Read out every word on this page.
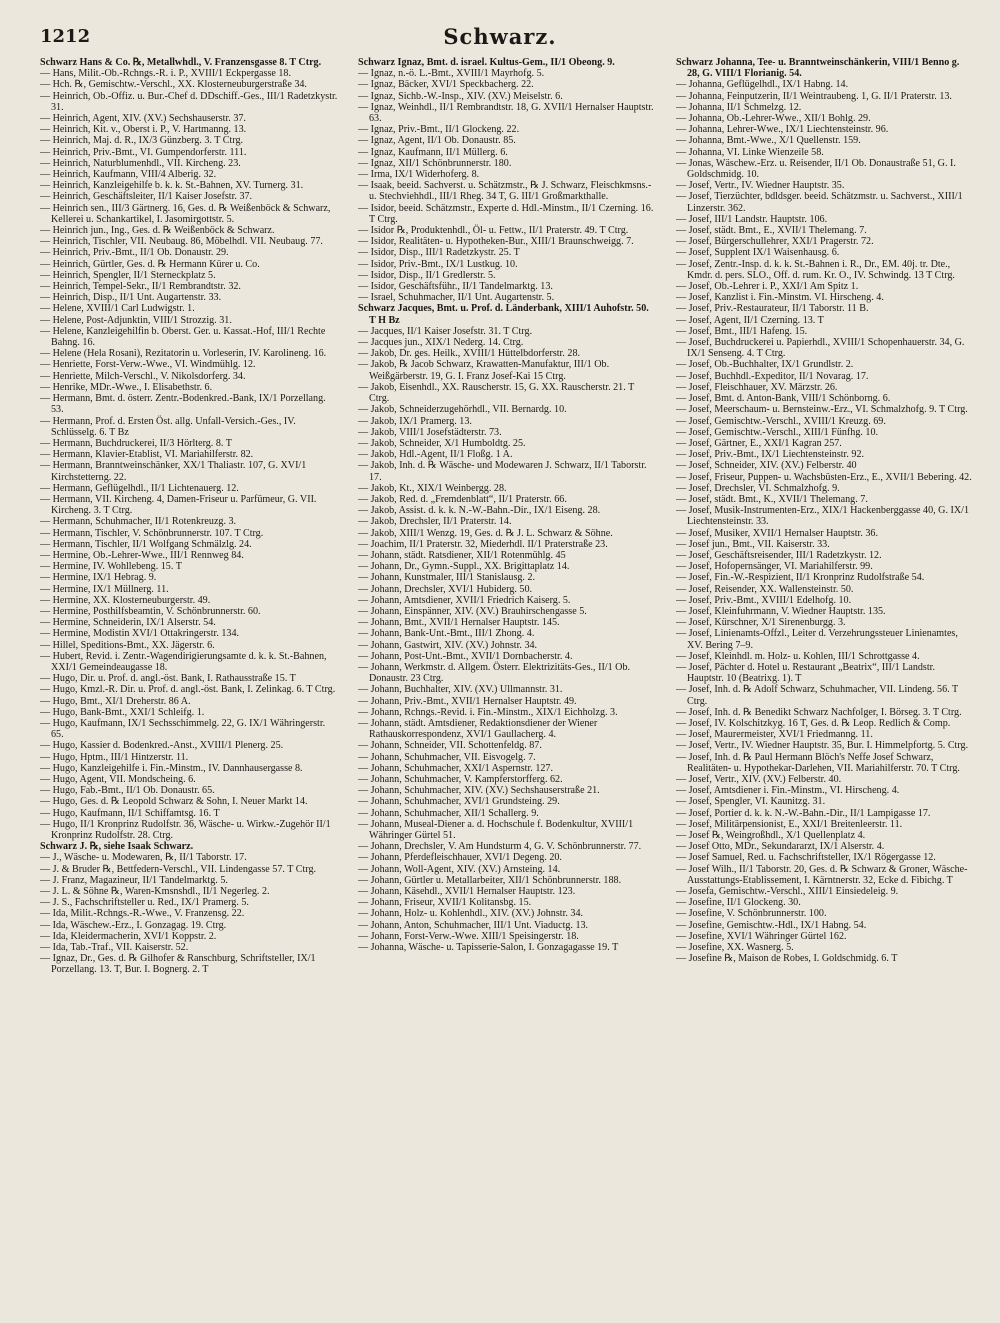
1212	Schwarz.
Schwarz Hans & Co. ℞, Metallwhdl., V. Franzensgasse 8. T Ctrg.
— Hans, Milit.-Ob.-Rchngs.-R. i. P., XVIII/1 Eckpergasse 18.
— Hch. ℞, Gemischtw.-Verschl., XX. Klosterneuburgerstraße 34.
— Heinrich, Ob.-Offiz. u. Bur.-Chef d. DDschiff.-Ges., III/1 Radetzkystr. 31.
— Heinrich, Agent, XIV. (XV.) Sechshauserstr. 37.
— Heinrich, Kit. v., Oberst i. P., V. Hartmanng. 13.
— Heinrich, Maj. d. R., IX/3 Günzberg. 3. T Ctrg.
— Heinrich, Priv.-Bmt., VI. Gumpendorferstr. 111.
— Heinrich, Naturblumenhdl., VII. Kircheng. 23.
— Heinrich, Kaufmann, VIII/4 Alberig. 32.
— Heinrich, Kanzleigehilfe b. k. k. St.-Bahnen, XV. Turnerg. 31.
— Heinrich, Geschäftsleiter, II/1 Kaiser Josefstr. 37.
— Heinrich sen., III/3 Gärtnerg. 16, Ges. d. ℞ Weißenböck & Schwarz, Kellerei u. Schankartikel, I. Jasomirgottstr. 5.
— Heinrich jun., Ing., Ges. d. ℞ Weißenböck & Schwarz.
— Heinrich, Tischler, VII. Neubaug. 86, Möbelhdl. VII. Neubaug. 77.
— Heinrich, Priv.-Bmt., II/1 Ob. Donaustr. 29.
— Heinrich, Gürtler, Ges. d. ℞ Hermann Kürer u. Co.
— Heinrich, Spengler, II/1 Sterneckplatz 5.
— Heinrich, Tempel-Sekr., II/1 Rembrandtstr. 32.
— Heinrich, Disp., II/1 Unt. Augartenstr. 33.
— Helene, XVIII/1 Carl Ludwigstr. 1.
— Helene, Post-Adjunktin, VIII/1 Strozzig. 31.
— Helene, Kanzleigehilfin b. Oberst. Ger. u. Kassat.-Hof, III/1 Rechte Bahng. 16.
— Helene (Hela Rosani), Rezitatorin u. Vorleserin, IV. Karolineng. 16.
— Henriette, Forst-Verw.-Wwe., VI. Windmühlg. 12.
— Henriette, Milch-Verschl., V. Nikolsdorferg. 34.
— Henrike, MDr.-Wwe., I. Elisabethstr. 6.
— Hermann, Bmt. d. österr. Zentr.-Bodenkred.-Bank, IX/1 Porzellang. 53.
— Hermann, Prof. d. Ersten Öst. allg. Unfall-Versich.-Ges., IV. Schlüsselg. 6. T Bz
— Hermann, Buchdruckerei, II/3 Hörlterg. 8. T
— Hermann, Klavier-Etablist, VI. Mariahilferstr. 82.
— Hermann, Branntweinschänker, XX/1 Thaliastr. 107, G. XVI/1 Kirchstetterng. 22.
— Hermann, Geflügelhdl., II/1 Lichtenauerg. 12.
— Hermann, VII. Kircheng. 4, Damen-Friseur u. Parfümeur, G. VII. Kircheng. 3. T Ctrg.
— Hermann, Schuhmacher, II/1 Rotenkreuzg. 3.
— Hermann, Tischler, V. Schönbrunnerstr. 107. T Ctrg.
— Hermann, Tischler, II/1 Wolfgang Schmälzlg. 24.
— Hermine, Ob.-Lehrer-Wwe., III/1 Rennweg 84.
— Hermine, IV. Wohllebeng. 15. T
— Hermine, IX/1 Hebrag. 9.
— Hermine, IX/1 Müllnerg. 11.
— Hermine, XX. Klosterneuburgerstr. 49.
— Hermine, Posthilfsbeamtin, V. Schönbrunnerstr. 60.
— Hermine, Schneiderin, IX/1 Alserstr. 54.
— Hermine, Modistin XVI/1 Ottakringerstr. 134.
— Hillel, Speditions-Bmt., XX. Jägerstr. 6.
— Hubert, Revid. i. Zentr.-Wagendirigierungsamte d. k. k. St.-Bahnen, XXI/1 Gemeindeaugasse 18.
— Hugo, Dir. u. Prof. d. angl.-öst. Bank, I. Rathausstraße 15. T
— Hugo, Kmzl.-R. Dir. u. Prof. d. angl.-öst. Bank, I. Zelinkag. 6. T Ctrg.
— Hugo, Bmt., XI/1 Dreherstr. 86 A.
— Hugo, Bank-Bmt., XXI/1 Schleifg. 1.
— Hugo, Kaufmann, IX/1 Sechsschimmelg. 22, G. IX/1 Währingerstr. 65.
— Hugo, Kassier d. Bodenkred.-Anst., XVIII/1 Plenerg. 25.
— Hugo, Hptm., III/1 Hintzerstr. 11.
— Hugo, Kanzleigehilfe i. Fin.-Minstm., IV. Dannhausergasse 8.
— Hugo, Agent, VII. Mondscheing. 6.
— Hugo, Fab.-Bmt., II/1 Ob. Donaustr. 65.
— Hugo, Ges. d. ℞ Leopold Schwarz & Sohn, I. Neuer Markt 14.
— Hugo, Kaufmann, II/1 Schiffamtsg. 16. T
— Hugo, II/1 Kronprinz Rudolfstr. 36, Wäsche- u. Wirkw.-Zugehör II/1 Kronprinz Rudolfstr. 28. Ctrg.
Schwarz J. ℞, siehe Isaak Schwarz.
— J., Wäsche- u. Modewaren, ℞, II/1 Taborstr. 17.
— J. & Bruder ℞, Bettfedern-Verschl., VII. Lindengasse 57. T Ctrg.
— J. Franz, Magazineur, II/1 Tandelmarktg. 5.
— J. L. & Söhne ℞, Waren-Kmsnshdl., II/1 Negerleg. 2.
— J. S., Fachschriftsteller u. Red., IX/1 Pramerg. 5.
— Ida, Milit.-Rchngs.-R.-Wwe., V. Franzensg. 22.
— Ida, Wäschew.-Erz., I. Gonzagag. 19. Ctrg.
— Ida, Kleidermacherin, XVI/1 Koppstr. 2.
— Ida, Tab.-Traf., VII. Kaiserstr. 52.
— Ignaz, Dr., Ges. d. ℞ Gilhofer & Ranschburg, Schriftsteller, IX/1 Porzellang. 13. T, Bur. I. Bognerg. 2. T
Schwarz Ignaz, Bmt. d. israel. Kultus-Gem., II/1 Obeong. 9.
— Ignaz, n.-ö. L.-Bmt., XVIII/1 Mayrhofg. 5.
— Ignaz, Bäcker, XVI/1 Speckbacherg. 22.
— Ignaz, Sichb.-W.-Insp., XIV. (XV.) Meiselstr. 6.
— Ignaz, Weinhdl., II/1 Rembrandtstr. 18, G. XVII/1 Hernalser Hauptstr. 63.
— Ignaz, Priv.-Bmt., II/1 Glockeng. 22.
— Ignaz, Agent, II/1 Ob. Donaustr. 85.
— Ignaz, Kaufmann, II/1 Müllerg. 6.
— Ignaz, XII/1 Schönbrunnerstr. 180.
— Irma, IX/1 Widerhoferg. 8.
— Isaak, beeid. Sachverst. u. Schätzmstr., ℞ J. Schwarz, Fleischkmsns.- u. Stechviehhdl., III/1 Rheg. 34 T, G. III/1 Großmarkthalle.
— Isidor, beeid. Schätzmstr., Experte d. Hdl.-Minstm., II/1 Czerning. 16. T Ctrg.
— Isidor ℞, Produktenhdl., Öl- u. Fettw., II/1 Praterstr. 49. T Ctrg.
— Isidor, Realitäten- u. Hypotheken-Bur., XIII/1 Braunschweigg. 7.
— Isidor, Disp., III/1 Radetzkystr. 25. T
— Isidor, Priv.-Bmt., IX/1 Lustkug. 10.
— Isidor, Disp., II/1 Gredlerstr. 5.
— Isidor, Geschäftsführ., II/1 Tandelmarktg. 13.
— Israel, Schuhmacher, II/1 Unt. Augartenstr. 5.
Schwarz Jacques, Bmt. u. Prof. d. Länderbank, XIII/1 Auhofstr. 50. T H Bz
— Jacques, II/1 Kaiser Josefstr. 31. T Ctrg.
— Jacques jun., XIX/1 Nederg. 14. Ctrg.
— Jakob, Dr. ges. Heilk., XVIII/1 Hüttelbdorferstr. 28.
— Jakob, ℞ Jacob Schwarz, Krawatten-Manufaktur, III/1 Ob. Weißgärberstr. 19, G. I. Franz Josef-Kai 15 Ctrg.
— Jakob, Eisenhdl., XX. Rauscherstr. 15, G. XX. Rauscherstr. 21. T Ctrg.
— Jakob, Schneiderzugehörhdl., VII. Bernardg. 10.
— Jakob, IX/1 Pramerg. 13.
— Jakob, VIII/1 Josefstädterstr. 73.
— Jakob, Schneider, X/1 Humboldtg. 25.
— Jakob, Hdl.-Agent, II/1 Floßg. 1 A.
— Jakob, Inh. d. ℞ Wäsche- und Modewaren J. Schwarz, II/1 Taborstr. 17.
— Jakob, Kt., XIX/1 Weinbergg. 28.
— Jakob, Red. d. „Fremdenblatt“, II/1 Praterstr. 66.
— Jakob, Assist. d. k. k. N.-W.-Bahn.-Dir., IX/1 Eiseng. 28.
— Jakob, Drechsler, II/1 Praterstr. 14.
— Jakob, XIII/1 Wenzg. 19, Ges. d. ℞ J. L. Schwarz & Söhne.
— Joachim, II/1 Praterstr. 32, Miederhdl. II/1 Praterstraße 23.
— Johann, städt. Ratsdiener, XII/1 Rotenmühlg. 45
— Johann, Dr., Gymn.-Suppl., XX. Brigittaplatz 14.
— Johann, Kunstmaler, III/1 Stanislausg. 2.
— Johann, Drechsler, XVI/1 Hubiderg. 50.
— Johann, Amtsdiener, XVII/1 Friedrich Kaiserg. 5.
— Johann, Einspänner, XIV. (XV.) Brauhirschengasse 5.
— Johann, Bmt., XVII/1 Hernalser Hauptstr. 145.
— Johann, Bank-Unt.-Bmt., III/1 Zhong. 4.
— Johann, Gastwirt, XIV. (XV.) Johnstr. 34.
— Johann, Post-Unt.-Bmt., XVII/1 Dornbacherstr. 4.
— Johann, Werkmstr. d. Allgem. Österr. Elektrizitäts-Ges., II/1 Ob. Donaustr. 23 Ctrg.
— Johann, Buchhalter, XIV. (XV.) Ullmannstr. 31.
— Johann, Priv.-Bmt., XVII/1 Hernalser Hauptstr. 49.
— Johann, Rchngs.-Revid. i. Fin.-Minstm., XIX/1 Eichholzg. 3.
— Johann, städt. Amtsdiener, Redaktionsdiener der Wiener Rathauskorrespondenz, XVI/1 Gaullacherg. 4.
— Johann, Schneider, VII. Schottenfeldg. 87.
— Johann, Schuhmacher, VII. Eisvogelg. 7.
— Johann, Schuhmacher, XXI/1 Aspernstr. 127.
— Johann, Schuhmacher, V. Kampferstorfferg. 62.
— Johann, Schuhmacher, XIV. (XV.) Sechshauserstraße 21.
— Johann, Schuhmacher, XVI/1 Grundsteing. 29.
— Johann, Schuhmacher, XII/1 Schallerg. 9.
— Johann, Museal-Diener a. d. Hochschule f. Bodenkultur, XVIII/1 Währinger Gürtel 51.
— Johann, Drechsler, V. Am Hundsturm 4, G. V. Schönbrunnerstr. 77.
— Johann, Pferdefleischhauer, XVI/1 Degeng. 20.
— Johann, Woll-Agent, XIV. (XV.) Arnsteing. 14.
— Johann, Gürtler u. Metallarbeiter, XII/1 Schönbrunnerstr. 188.
— Johann, Käsehdl., XVII/1 Hernalser Hauptstr. 123.
— Johann, Friseur, XVII/1 Kolitansbg. 15.
— Johann, Holz- u. Kohlenhdl., XIV. (XV.) Johnstr. 34.
— Johann, Anton, Schuhmacher, III/1 Unt. Viaductg. 13.
— Johann, Forst-Verw.-Wwe. XIII/1 Speisingerstr. 18.
— Johanna, Wäsche- u. Tapisserie-Salon, I. Gonzagagasse 19. T
Schwarz Johanna, Tee- u. Branntweinschänkerin, VIII/1 Benno g. 28, G. VIII/1 Florianig. 54.
— Johanna, Geflügelhdl., IX/1 Habng. 14.
— Johanna, Feinputzerin, II/1 Weintraubeng. 1, G. II/1 Praterstr. 13.
— Johanna, II/1 Schmelzg. 12.
— Johanna, Ob.-Lehrer-Wwe., XII/1 Bohlg. 29.
— Johanna, Lehrer-Wwe., IX/1 Liechtensteinstr. 96.
— Johanna, Bmt.-Wwe., X/1 Quellenstr. 159.
— Johanna, VI. Linke Wienzeile 58.
— Jonas, Wäschew.-Erz. u. Reisender, II/1 Ob. Donaustraße 51, G. I. Goldschmidg. 10.
— Josef, Vertr., IV. Wiedner Hauptstr. 35.
— Josef, Tierzüchter, bdldsger. beeid. Schätzmstr. u. Sachverst., XIII/1 Linzerstr. 362.
— Josef, III/1 Landstr. Hauptstr. 106.
— Josef, städt. Bmt., E., XVII/1 Thelemang. 7.
— Josef, Bürgerschullehrer, XXI/1 Pragerstr. 72.
— Josef, Supplent IX/1 Waisenhausg. 6.
— Josef, Zentr.-Insp. d. k. k. St.-Bahnen i. R., Dr., EM. 40j. tr. Dte., Kmdr. d. pers. SLO., Off. d. rum. Kr. O., IV. Schwindg. 13 T Ctrg.
— Josef, Ob.-Lehrer i. P., XXI/1 Am Spitz 1.
— Josef, Kanzlist i. Fin.-Minstm. VI. Hirscheng. 4.
— Josef, Priv.-Restaurateur, II/1 Taborstr. 11 B.
— Josef, Agent, II/1 Czerning. 13. T
— Josef, Bmt., III/1 Hafeng. 15.
— Josef, Buchdruckerei u. Papierhdl., XVIII/1 Schopenhauerstr. 34, G. IX/1 Senseng. 4. T Ctrg.
— Josef, Ob.-Buchhalter, IX/1 Grundlstr. 2.
— Josef, Buchhdl.-Expeditor, II/1 Novarag. 17.
— Josef, Fleischhauer, XV. Märzstr. 26.
— Josef, Bmt. d. Anton-Bank, VIII/1 Schönborng. 6.
— Josef, Meerschaum- u. Bernsteinw.-Erz., VI. Schmalzhofg. 9. T Ctrg.
— Josef, Gemischtw.-Verschl., XVIII/1 Kreuzg. 69.
— Josef, Gemischtw.-Verschl., XIII/1 Fünfhg. 10.
— Josef, Gärtner, E., XXI/1 Kagran 257.
— Josef, Priv.-Bmt., IX/1 Liechtensteinstr. 92.
— Josef, Schneider, XIV. (XV.) Felberstr. 40
— Josef, Friseur, Puppen- u. Wachsbüsten-Erz., E., XVII/1 Bebering. 42.
— Josef, Drechsler, VI. Schmalzhofg. 9.
— Josef, städt. Bmt., K., XVII/1 Thelemang. 7.
— Josef, Musik-Instrumenten-Erz., XIX/1 Hackenberggasse 40, G. IX/1 Liechtensteinstr. 33.
— Josef, Musiker, XVII/1 Hernalser Hauptstr. 36.
— Josef jun., Bmt., VII. Kaiserstr. 33.
— Josef, Geschäftsreisender, III/1 Radetzkystr. 12.
— Josef, Hofopernsänger, VI. Mariahilferstr. 99.
— Josef, Fin.-W.-Respizient, II/1 Kronprinz Rudolfstraße 54.
— Josef, Reisender, XX. Wallensteinstr. 50.
— Josef, Priv.-Bmt., XVIII/1 Edelhofg. 10.
— Josef, Kleinfuhrmann, V. Wiedner Hauptstr. 135.
— Josef, Kürschner, X/1 Sirenenburgg. 3.
— Josef, Linienamts-Offzl., Leiter d. Verzehrungssteuer Linienamtes, XV. Bering 7–9.
— Josef, Kleinhdl. m. Holz- u. Kohlen, III/1 Schrottgasse 4.
— Josef, Pächter d. Hotel u. Restaurant „Beatrix“, III/1 Landstr. Hauptstr. 10 (Beatrixg. 1). T
— Josef, Inh. d. ℞ Adolf Schwarz, Schuhmacher, VII. Lindeng. 56. T Ctrg.
— Josef, Inh. d. ℞ Benedikt Schwarz Nachfolger, I. Börseg. 3. T Ctrg.
— Josef, IV. Kolschitzkyg. 16 T, Ges. d. ℞ Leop. Redlich & Comp.
— Josef, Maurermeister, XVI/1 Friedmanng. 11.
— Josef, Vertr., IV. Wiedner Hauptstr. 35, Bur. I. Himmelpfortg. 5. Ctrg.
— Josef, Inh. d. ℞ Paul Hermann Blöch's Neffe Josef Schwarz, Realitäten- u. Hypothekar-Darlehen, VII. Mariahilferstr. 70. T Ctrg.
— Josef, Vertr., XIV. (XV.) Felberstr. 40.
— Josef, Amtsdiener i. Fin.-Minstm., VI. Hirscheng. 4.
— Josef, Spengler, VI. Kaunitzg. 31.
— Josef, Portier d. k. k. N.-W.-Bahn.-Dir., II/1 Lampigasse 17.
— Josef, Militärpensionist, E., XXI/1 Breitenleerstr. 11.
— Josef ℞, Weingroßhdl., X/1 Quellenplatz 4.
— Josef Otto, MDr., Sekundararzt, IX/1 Alserstr. 4.
— Josef Samuel, Red. u. Fachschriftsteller, IX/1 Rögergasse 12.
— Josef Wilh., II/1 Taborstr. 20, Ges. d. ℞ Schwarz & Groner, Wäsche-Ausstattungs-Etablissement, I. Kärntnerstr. 32, Ecke d. Fibichg. T
— Josefa, Gemischtw.-Verschl., XIII/1 Einsiedeleig. 9.
— Josefine, II/1 Glockeng. 30.
— Josefine, V. Schönbrunnerstr. 100.
— Josefine, Gemischtw.-Hdl., IX/1 Habng. 54.
— Josefine, XVI/1 Währinger Gürtel 162.
— Josefine, XX. Wasnerg. 5.
— Josefine ℞, Maison de Robes, I. Goldschmidg. 6. T
